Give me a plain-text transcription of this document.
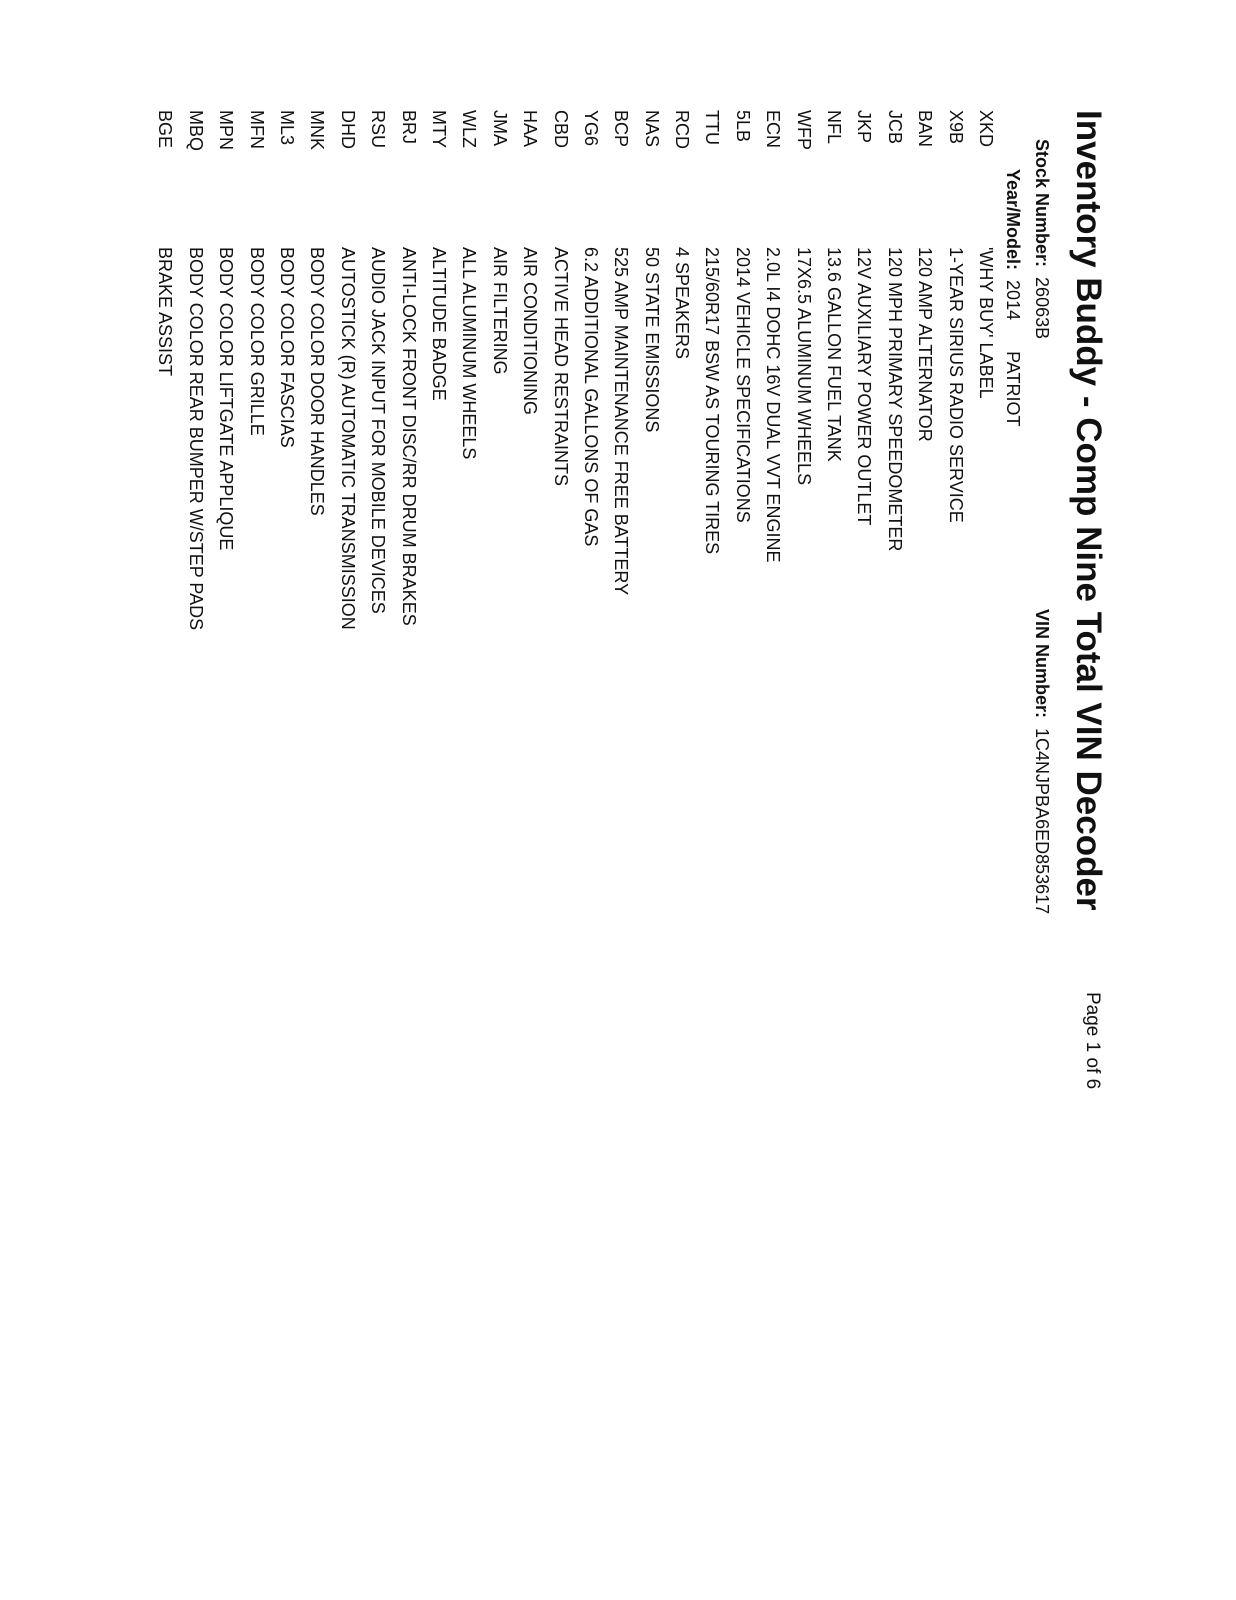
Inventory Buddy - Comp Nine Total VIN Decoder
Page 1 of 6
Stock Number:  26063B
VIN Number:  1C4NJPBA6ED853617
Year/Model:  2014 PATRIOT
XKD
'WHY BUY' LABEL
X9B
1-YEAR SIRIUS RADIO SERVICE
BAN
120 AMP ALTERNATOR
JCB
120 MPH PRIMARY SPEEDOMETER
JKP
12V AUXILIARY POWER OUTLET
NFL
13.6 GALLON FUEL TANK
WFP
17X6.5 ALUMINUM WHEELS
ECN
2.0L I4 DOHC 16V DUAL VVT ENGINE
5LB
2014 VEHICLE SPECIFICATIONS
TTU
215/60R17 BSW AS TOURING TIRES
RCD
4 SPEAKERS
NAS
50 STATE EMISSIONS
BCP
525 AMP MAINTENANCE FREE BATTERY
YG6
6.2 ADDITIONAL GALLONS OF GAS
CBD
ACTIVE HEAD RESTRAINTS
HAA
AIR CONDITIONING
JMA
AIR FILTERING
WLZ
ALL ALUMINUM WHEELS
MTY
ALTITUDE BADGE
BRJ
ANTI-LOCK FRONT DISC/RR DRUM BRAKES
RSU
AUDIO JACK INPUT FOR MOBILE DEVICES
DHD
AUTOSTICK (R) AUTOMATIC TRANSMISSION
MNK
BODY COLOR DOOR HANDLES
ML3
BODY COLOR FASCIAS
MFN
BODY COLOR GRILLE
MPN
BODY COLOR LIFTGATE APPLIQUE
MBQ
BODY COLOR REAR BUMPER W/STEP PADS
BGE
BRAKE ASSIST
